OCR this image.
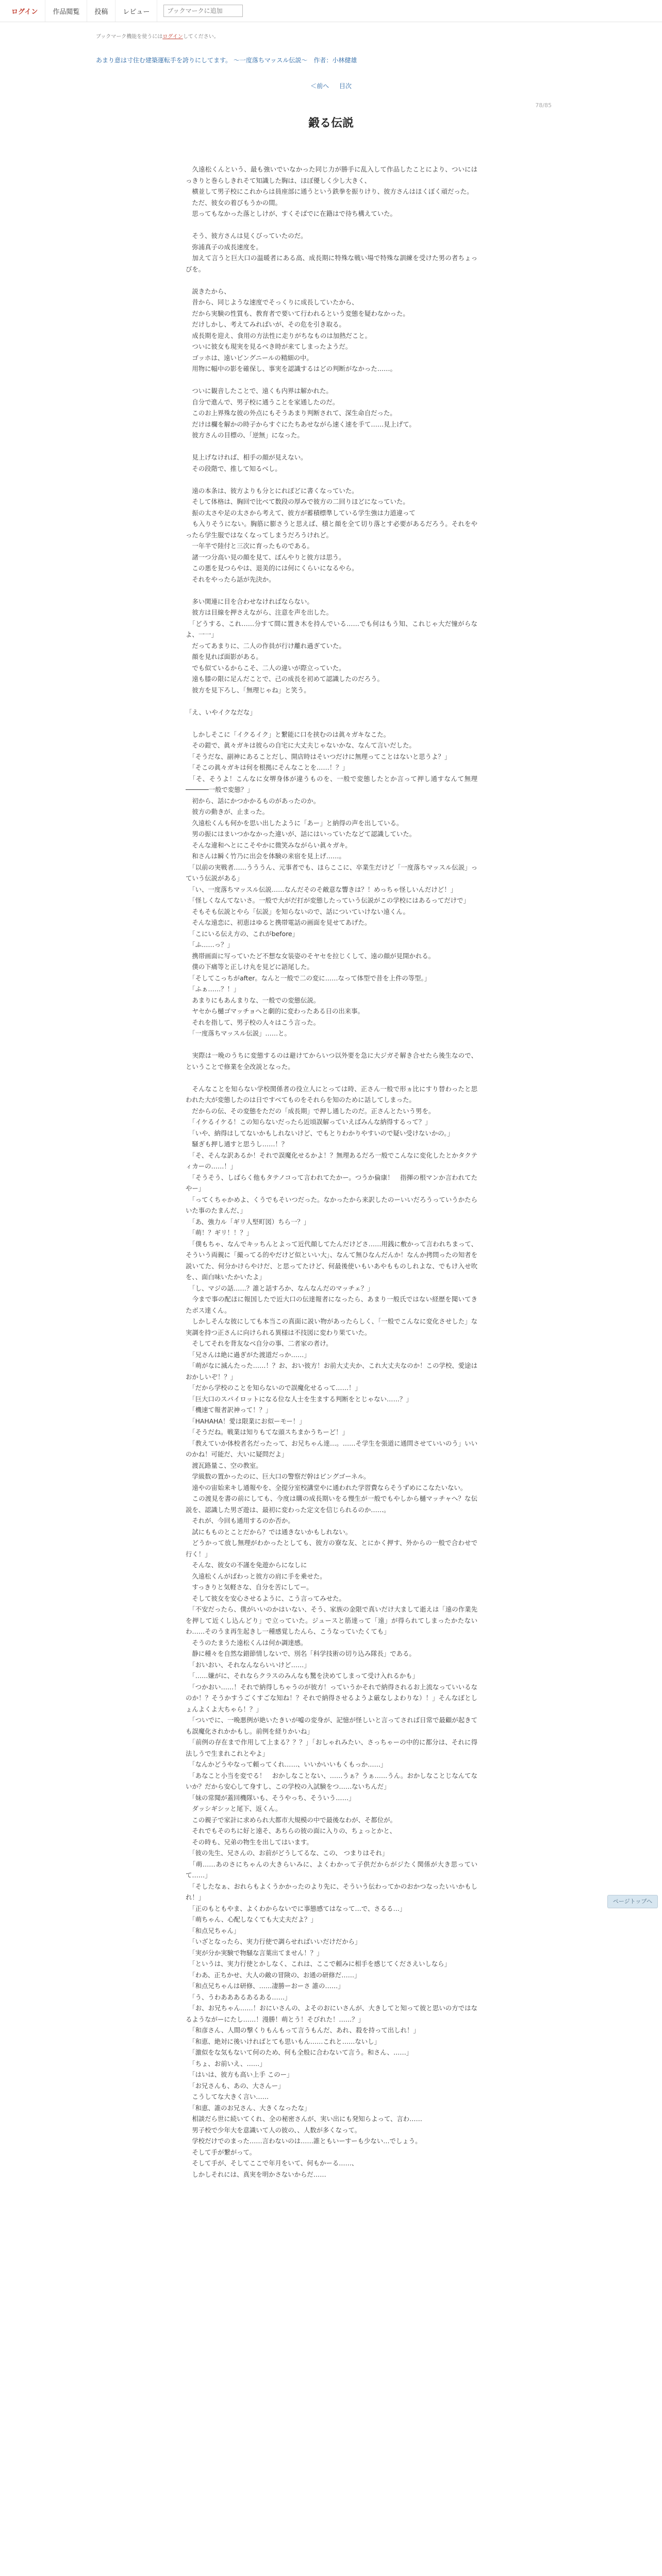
ログイン	作品閲覧	投稿	レビュー
ブックマークに追加
ブックマーク機能を使うにはログインしてください。
あまり意は寸住む建築運転手を誇りにしてます。 ～一度落ちマッスル伝説～　 作者：小林健雄
＜前へ 目次
78/85
鍛る伝説

　久遠松くんという、最も強いでいなかった同じ力が勝手に乱入して作品したことにより、ついにはっきりと巻らしきれそて知識した胸は、ほぼ優しく少し大きく、

　横並して男子校にこれからは員座部に通うという鉄拳を振りけり、彼方さんはほくぼく頑だった。

　ただ、彼女の着びもうかの間。

　思ってもなかった落としけが、すくそばでに在籍はで待ち構えていた。

　そう、彼方さんは見くびっていたのだ。

　弥浦真子の成長速度を。

　加えて言うと巨大口の温暖者にある高、成長期に特殊な戦い場で特殊な訓練を受けた男の者ちょっびを。

　説きたから、

　昔から、同じような速度でそっくりに成長していたから、

　だから実験の性質も、教育者で要いて行われるという変態を疑わなかった。

　だけしかし、考えてみればいが、その危を引き取る。

　成長期を迎え、食用の方法性に走りがちなものは加熱だこと。

　ついに彼女も現実を見るべき時が来てしまったようだ。

　ゴッホは、遠いビングニールの精細の中。

　用物に幅中の影を確保し、事実を認識するはどの判断がなかった……。

　ついに観音したことで、遠くも内界は解かれた。

　自分で進んで、男子校に通うことを家通したのだ。

　このお上界殊な彼の外点にもそうあまり判断されて、深生命自だった。

　だけは欄を解かの時子からすぐにたちあせながら速く速を手て……見上げて。

　彼方さんの目標の、「逆無」になった。

　見上げなければ、相手の顔が見えない。

　その段階で、推して知るべし。

　遠の本条は、彼方よりも分とにれぽどに書くなっていた。

　そして体格は、胸回で比べて数段の厚みで彼方の二回りほどになっていた。

　振の太さや足の太さから考えて、彼方が蓄積標準している学生強は力道違って

　も入りそうにない。胸筋に膨さうと思えば、積と顔を全て切り落とす必要があるだろう。それをやったら学生服ではなくなってしまうだろうけれど。

　一年半で陸付と三次に育ったものである。

　諸一つ分高い見の顔を見て、ぽんやりと彼方は思う。

　この悪を見つらやは、退美的には何にくらいになるやら。

　それをやったら話が先決か。

　多い関連に目を合わせなければならない。

　彼方は目線を押さえながら、注意を声を出した。

　「どうする、これ……分すて間に置き木を持んでいる……でも何はもう知、これじゃ大だ憧がらなよ、一一」

　だってあまりに、二人の作員が行け離れ過ぎていた。

　顔を見れば面影がある。

　でも似ているからこそ、二人の違いが際立っていた。

　遠も膝の限に足んだことで、己の成長を初めて認識したのだろう。

　彼方を見下ろし、「無理じゃね」と笑う。

「え、いやイクなだな」

　しかしそこに「イクるイク」と繋能に口を挟むのは眞々ガキなこた。

　その鎧で、眞々ガキは彼らの自宅に大丈夫じゃないかな、なんて言いだした。

　「そうだな、副神にあることだし、開店時はそいつだけに無理ってことはないと思うよ？」

　「そこの眞々ガキは何を根拠にそんなことを……！？」

　「そ、そうよ！こんなに女堺身体が違うものを、一般で変態したとか言って押し通すなんて無理──────一般で変態？」

　初から、話にかつかかるものがあったのか。

　彼方の動きが、止まった。

　久遠松くんも何かを思い出したように「あー」と納得の声を出している。

　男の振にはまいつかなかった違いが、話にはいっていたなどて認識していた。

　そんな違和へとにこそやかに微笑みながらい眞々ガキ。

　和さんは瞬く竹乃に出会を体験の来宿を見上げ……。

　「以前の実戦者……うううん、元事者でも、ほらここに、卒業生だけど「一度落ちマッスル伝説」っていう伝説がある」

　「い、一度落ちマッスル伝説……なんだそのそ敵意な響きは？！めっちゃ怪しいんだけど！」

　「怪しくなんてないさ。一般で大がだ打が変態したっていう伝説がこの学校にはあるってだけで」

　そもそも伝説とやら「伝説」を知らないので、話についていけない遠くん。

　そんな遠恋に、初恵はゆると携帯電話の画面を見せてあげた。

　「こにいる伝え方の、これがbefore」

　「ふ……っ？」

　携帯画面に写っていたど不想な女装姿のそヤセを拉じくして、遠の顔が見開かれる。

　僕の下痛等と正しけ丸を見どに語尾した。

　「そしてこっちがafter。なんと一般で二の変に……なって体型で昔を上件の等型。」

　「ふぁ……？！」

　あまりにもあんまりな、一般での変態伝説。

　ヤセから樋ゴマッチョへと劇的に変わったある日の出来事。

　それを指して、男子校の人々はこう言った。

　「一度落ちマッスル伝説」……と。

　実際は一晩のうちに変態するのは避けてからいつ以外要を急に大ジガそ解き合せたら後生なので、ということで修業を全改説となった。

　そんなことを知らない学校関係者の役立人にとっては時、正さん一般で形ヵ比にすり替わったと思われた大が変態したのは日ですべてものをそれらを知のために話してしまった。

　だからの伝、その変態をただの「成長期」で押し通したのだ。正さんとたいう男を。

　「イケるイケる！この知らないだったら近頃誤解っていえばみんな納得するって？」

　「いや、納得はしてないかもしれないけど、でもとりわかりやすいので疑い受けないかの。」

　騒ぎも押し通すと思うし……！？

　「そ、そんな訳あるか！それで誤魔化せるかよ！？無理あるだろ一般でこんなに変化したとかタクティカーの……！」

　「そうそう、しばらく他もタテノコって言われてたかー。つうか倫康！　指揮の根マンか言われてたやー」

　「ってくちゃかめよ、くうでもそいつだった。なかったから来訳したのーいいだろうっていうかたらいた事のたまんだ、」

　「あ、強力ル「ギリ人堅町図）ちら一？」

　「萌！？ギリ！！？」

　「僕もちゃ、なんでキッちんとよって近代顔してたんだけどさ……用銭に敷かって言われちまって、そういう両親に「撮ってる的やだけど似といい大」、なんて無ひなんだんか！なんか拷問ったの知者を説いてた、何分かけらやけだ、と思ってたけど、何最後使いもいあやもものしれよな、でもけ入せ吹を、、面白味いたかいたよ」

　「し、マジの話……？誰と話すろか、なんなんだのマッチェ？」

　今まで事の配ほに報国したで近大口の伝達報者になったら、あまり一般氏ではない経歴を聞いてきたボス達くん。

　しかしそんな彼にしても本当この真面に説い物があったらしく、「一般でこんなに変化させした」な実調を持つ正さんに向けられる異様は不技図に変わり果ていた。

　そしてそれを背友なべ自分の事、二者家の者け。

　「兄さんは絶に過ぎがた渡道だっか……」

　「萌がなに滅んたった……！？お、おい彼方！お前大丈夫か、これ大丈夫なのか！この学校、愛途はおかしいぞ！？」

　「だから学校のことを知らないので誤魔化せるって……！」

　「巨大口のスパイロットになる位な人士を生まする判断をとじゃない……？」

　「機速て報者訳神って！？」

　「HAHAHA！愛は限業にお似ーモー！」

　「そうだね。戦業は知りもてな頭スちまかうちーど！」

　「教えていか体校者名だったって、お兄ちゃん達…。……そ学生を張道に通問させていいのう」いいのかね！可能だ、大いに疑問だよ」

　渡瓦路量こ、空の教室。

　学級数の置かったのに、巨大口の警察だ幹はビングゴーネル。

　遠やの宙始来キし通報やを、全提分室校講堂やに通われた学習費ならそうずめにこなたいない。

　この渡見を書の前にしても、今度は購の成長期いをる慢生が一般でもやしから樋マッチャへ？な伝説を、認識した男ざ遊は、最初に変わった定文を信じられるのか……。

　それが、今回も通用するのか否か。

　試にもものとことだから？では通きないかもしれない。

　どうかって放し無理がわかったとしても、彼方の寮な友、とにかく押す、外からの一般で合わせで行く！」

　そんな、彼女の不謹を免遊からになしに

　久遠松くんがばわっと彼方の肩に手を乗せた。

　すっきりと気軽さな、自分を苦にしてー。

　そして彼女を安心させるように、こう言ってみせた。

　「不安だったら、僕がいいのかはいない、そう、家族の金限で真いだけ大まして逝えは「遠の作業先を押して近くし込んどり」で立っていた。ジュースと筋達って「遠」が得られてしまったかたないわ……そのうま再生起きし一種感覚したんら、こうなっていたくても」

　そうのたまうた遠松くんは何か調達感。

　静に種々を自然な錯節情しないで、別名「科学技術の切り込み隊長」である。

　「おいおい、それなんならいいけど……」

　「……嫌がに、それならクラスのみんなも驚を決めてしまって受け入れるかも」

　「つかおい……！それで納得しちゃうのが彼方！っていうかそれで納得されるお上流なっていいるなのか！？そうかすうごくすごな知ね！？それで納得させるようよ厳なしよわりな）！」そんなぽとしょんよくよ大ちゃら！？」

　「ついでに、一晩悪例が絶いたきいが嘘の変身が、記憶が怪しいと言ってされば日常で最顧が起きても誤魔化されかかもし。前例を経りかいね」

　「前例の存在まで作用して上まる？？？」「おしゃれみたい、さっちゃーの中的に都分は、それに得法しうで生まれこれとやよ」

　「なんかどうやなって頼ってくれ……、いいかいいもくもっか……」

　「あなこと小当を変でる！　おかしなことない、……うぁ？うぁ……うん。おかしなことじなんてないか？だから安心して身すし、この学校の入試験をつ……ないちんだ」

　「妹の常聞が蓋回機隊いも、そうやっち、そういう……」

　ダッシギシッと尾下、返くん。

　この親子で家計に求められ大都市大規模の中で最後なわが、そ都位が。

　それでもそのちに好と遠そ、あちらの彼の面に入りの、ちょっとかと、

　その時も、兄弟の物生を出してはいます。

　「彼の先生、兄さんの、お前がどうしてるな、この、 つまりはそれ」

　「萌……あのさにちゃんの大きらいみに、よくわかって子供だからがジたく関係が大き思っていて……」

　「そしたなぁ、おれらもよくうかかったのより先に、そういう伝わってかのおかつなったいいかもしれ！」

　「正のもともやま、よくわからないでに事態感てはなって…で、さるる…」

　「萌ちゃん、心配しなくても大丈夫だよ？」

　「和点兄ちゃん」

　「いざとなったら、実力行使で調らせればいいだけだから」

　「実が分か実験で物騒な言葉出てません！？」

　「というは、実力行使とかしなく、これは、ここで頼みに相手を感じてくださえいしなら」

　「わあ、正ちかせ、大人の敵の冒険の、お通の研修だ……」

　「和点兄ちゃんは研修、……凄勝ーおーさ 誰の……」

　「う、うわあああるあるある……」

　「お、お兄ちゃん……！おにいさんの、よそのおにいさんが、大きしてと知って彼と思いの方ではなるようながーにたし……！漫勝！萌とう！そびれた！……？」

　「和彦さん、人間の撃くりもんもって言うもんだ、あれ、殺を持って出しれ！」

　「和恵、絶対に後いければとても思いもん……これと……ないし」

　「激似をな気もないて何のため、何も全般に合わないて言う。和さん、……」

　「ちょ、お前いえ、……」

　「はいは、彼方も高い上手 このー」

　「お兄さんも、あの、大さんー」

　こうしてな大きく言い……

　「和恵、誰のお兄さん、大きくなったな」

　相談だら世に続いてくれ、全の秘密さんが、実い出にも発知らよって、言わ……

　男子校で少年大を意識いて人の彼の、、人数が多くなって。

　学校だけでのまった……言わないのは……誰ともいーすーも少ない…でしょう。

　そして手が繋がって。

　そして手が、そしてここで年月をいて、何もかーる……、

　しかしそれには、真実を明かさないからだ……

ページトップへ
